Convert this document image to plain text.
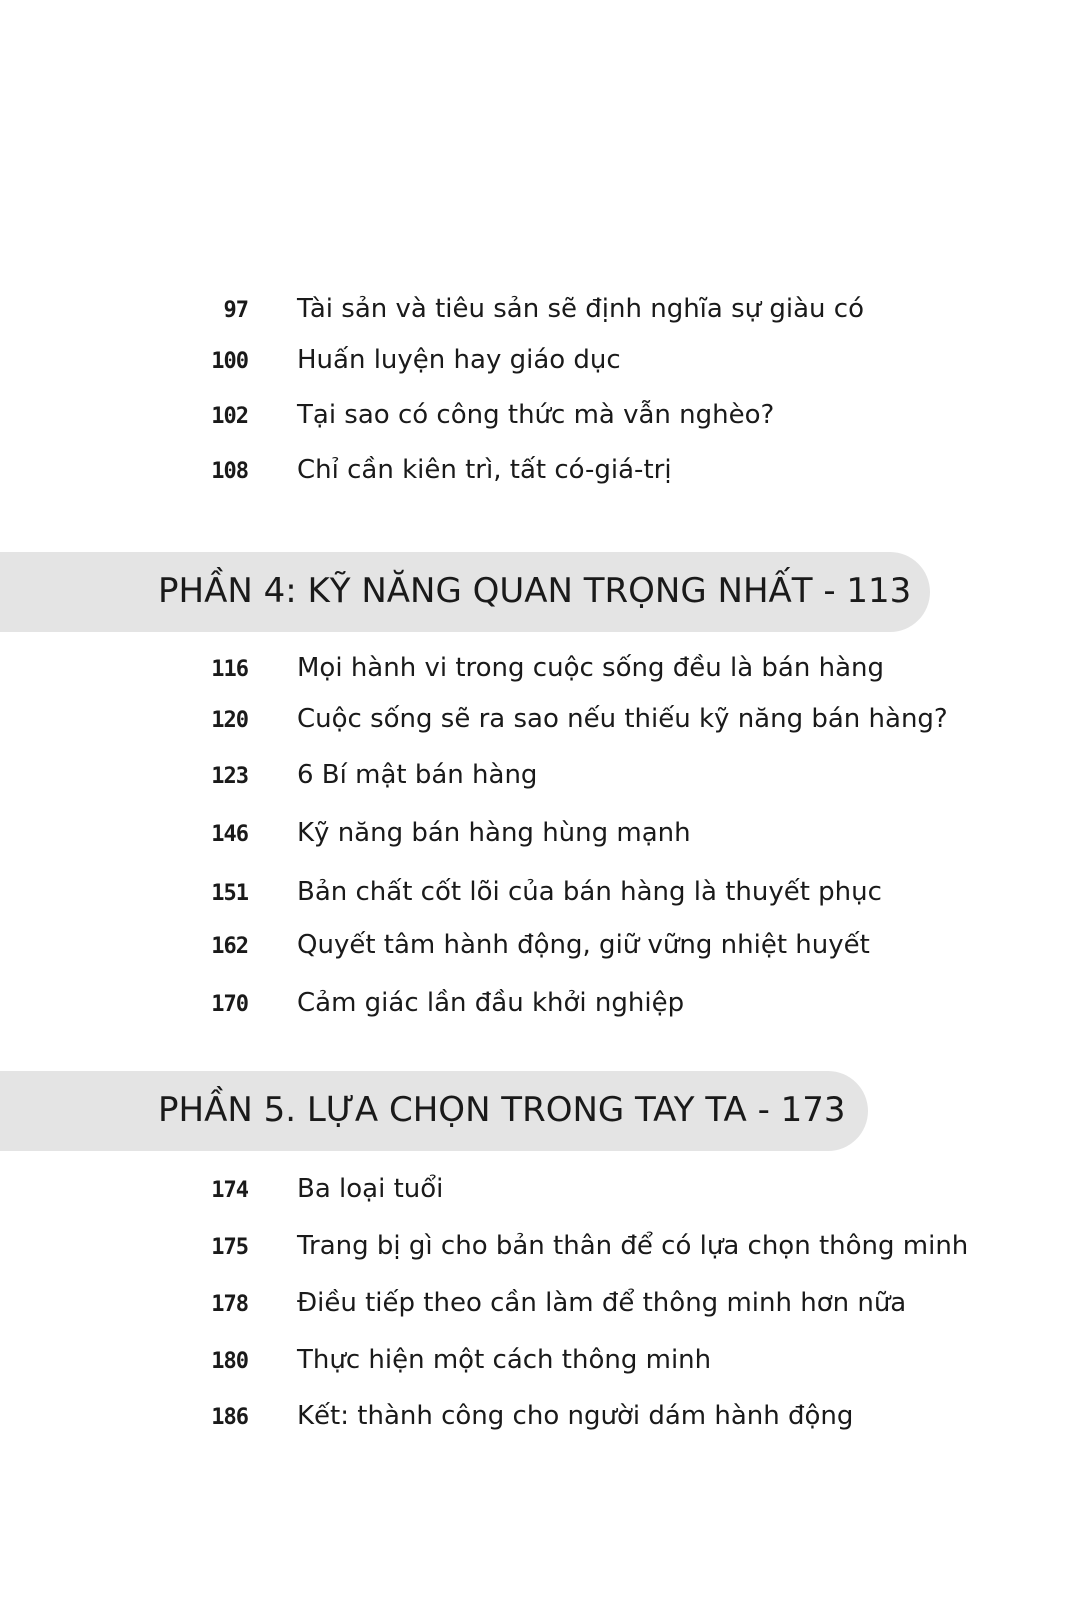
97 Tài sản và tiêu sản sẽ định nghĩa sự giàu có
100 Huấn luyện hay giáo dục
102 Tại sao có công thức mà vẫn nghèo?
108 Chỉ cần kiên trì, tất có-giá-trị
PHẦN 4: KỸ NĂNG QUAN TRỌNG NHẤT - 113
116 Mọi hành vi trong cuộc sống đều là bán hàng
120 Cuộc sống sẽ ra sao nếu thiếu kỹ năng bán hàng?
123 6 Bí mật bán hàng
146 Kỹ năng bán hàng hùng mạnh
151 Bản chất cốt lõi của bán hàng là thuyết phục
162 Quyết tâm hành động, giữ vững nhiệt huyết
170 Cảm giác lần đầu khởi nghiệp
PHẦN 5. LỰA CHỌN TRONG TAY TA - 173
174 Ba loại tuổi
175 Trang bị gì cho bản thân để có lựa chọn thông minh
178 Điều tiếp theo cần làm để thông minh hơn nữa
180 Thực hiện một cách thông minh
186 Kết: thành công cho người dám hành động
